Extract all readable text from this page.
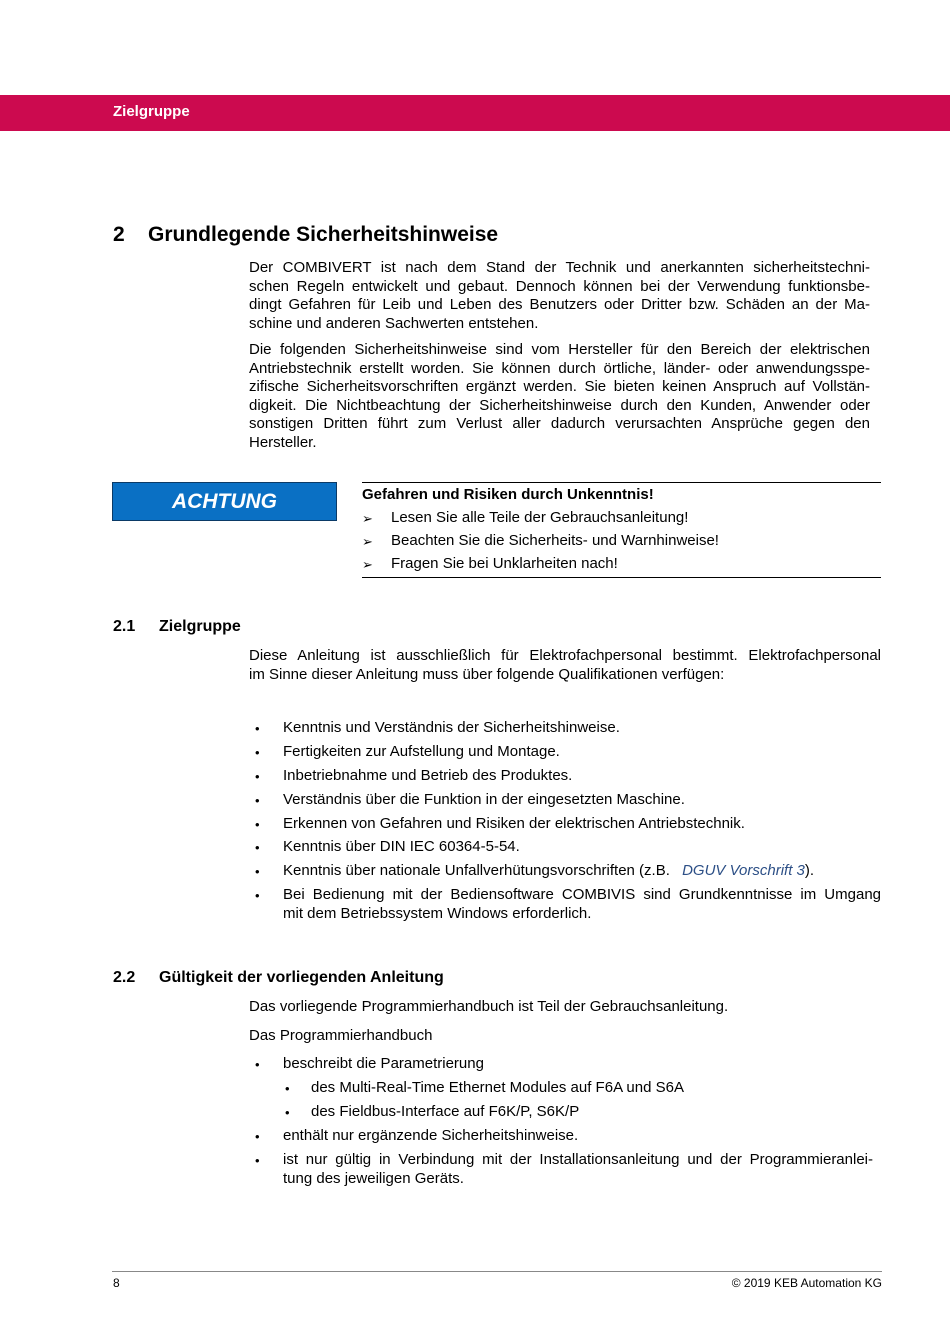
Zielgruppe
2 Grundlegende Sicherheitshinweise
Der COMBIVERT ist nach dem Stand der Technik und anerkannten sicherheitstechni-
schen Regeln entwickelt und gebaut. Dennoch können bei der Verwendung funktionsbe-
dingt Gefahren für Leib und Leben des Benutzers oder Dritter bzw. Schäden an der Ma-
schine und anderen Sachwerten entstehen.
Die folgenden Sicherheitshinweise sind vom Hersteller für den Bereich der elektrischen
Antriebstechnik erstellt worden. Sie können durch örtliche, länder- oder anwendungsspe-
zifische Sicherheitsvorschriften ergänzt werden. Sie bieten keinen Anspruch auf Vollstän-
digkeit. Die Nichtbeachtung der Sicherheitshinweise durch den Kunden, Anwender oder
sonstigen Dritten führt zum Verlust aller dadurch verursachten Ansprüche gegen den
Hersteller.
ACHTUNG	Gefahren und Risiken durch Unkenntnis!
➢ Lesen Sie alle Teile der Gebrauchsanleitung!
➢ Beachten Sie die Sicherheits- und Warnhinweise!
➢ Fragen Sie bei Unklarheiten nach!
2.1 Zielgruppe
Diese Anleitung ist ausschließlich für Elektrofachpersonal bestimmt. Elektrofachpersonal
im Sinne dieser Anleitung muss über folgende Qualifikationen verfügen:
• Kenntnis und Verständnis der Sicherheitshinweise.
• Fertigkeiten zur Aufstellung und Montage.
• Inbetriebnahme und Betrieb des Produktes.
• Verständnis über die Funktion in der eingesetzten Maschine.
• Erkennen von Gefahren und Risiken der elektrischen Antriebstechnik.
• Kenntnis über DIN IEC 60364-5-54.
• Kenntnis über nationale Unfallverhütungsvorschriften (z.B. DGUV Vorschrift 3).
• Bei Bedienung mit der Bediensoftware COMBIVIS sind Grundkenntnisse im Umgang
mit dem Betriebssystem Windows erforderlich.
2.2 Gültigkeit der vorliegenden Anleitung
Das vorliegende Programmierhandbuch ist Teil der Gebrauchsanleitung.
Das Programmierhandbuch
• beschreibt die Parametrierung
• des Multi-Real-Time Ethernet Modules auf F6A und S6A
• des Fieldbus-Interface auf F6K/P, S6K/P
• enthält nur ergänzende Sicherheitshinweise.
• ist nur gültig in Verbindung mit der Installationsanleitung und der Programmieranlei-
tung des jeweiligen Geräts.
8	© 2019 KEB Automation KG
